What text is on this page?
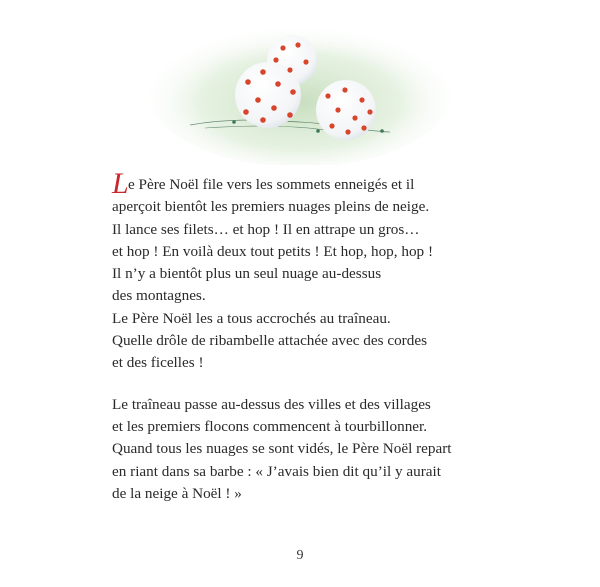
Le Père Noël file vers les sommets enneigés et il
aperçoit bientôt les premiers nuages pleins de neige.
Il lance ses filets… et hop ! Il en attrape un gros…
et hop ! En voilà deux tout petits ! Et hop, hop, hop !
Il n’y a bientôt plus un seul nuage au-dessus
des montagnes.
Le Père Noël les a tous accrochés au traîneau.
Quelle drôle de ribambelle attachée avec des cordes
et des ficelles !
Le traîneau passe au-dessus des villes et des villages
et les premiers flocons commencent à tourbillonner.
Quand tous les nuages se sont vidés, le Père Noël repart
en riant dans sa barbe : « J’avais bien dit qu’il y aurait
de la neige à Noël ! »
9
